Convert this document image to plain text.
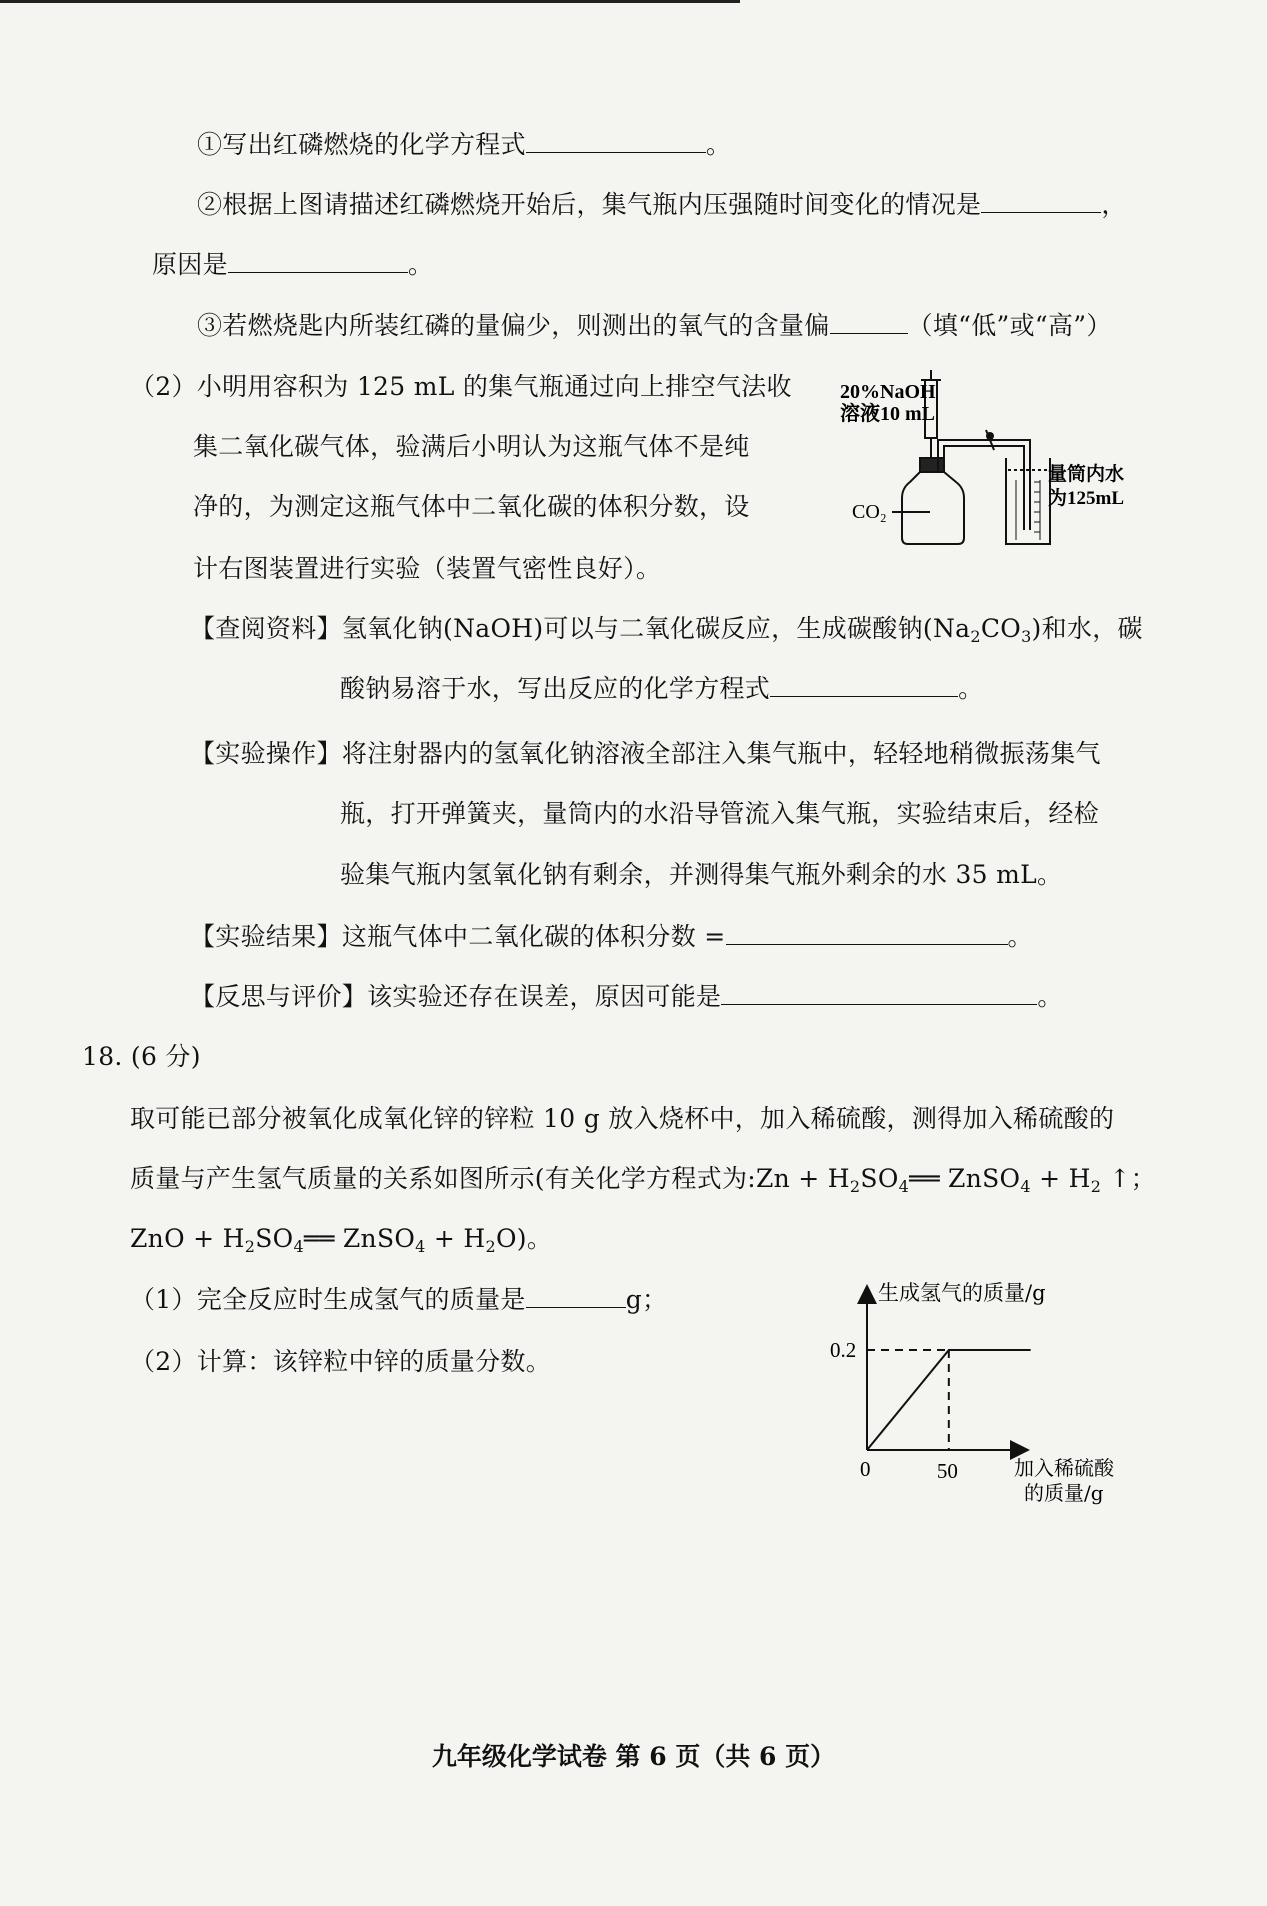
①写出红磷燃烧的化学方程式	。
②根据上图请描述红磷燃烧开始后，集气瓶内压强随时间变化的情况是	，
原因是	。
③若燃烧匙内所装红磷的量偏少，则测出的氧气的含量偏	（填“低”或“高”）
（2）小明用容积为 125 mL 的集气瓶通过向上排空气法收
集二氧化碳气体，验满后小明认为这瓶气体不是纯
净的，为测定这瓶气体中二氧化碳的体积分数，设
计右图装置进行实验（装置气密性良好）。
20%NaOH
溶液10 mL
量筒内水
为125mL
CO₂
【查阅资料】氢氧化钠(NaOH)可以与二氧化碳反应，生成碳酸钠$(Na_2CO_3)$和水，碳
酸钠易溶于水，写出反应的化学方程式	。
【实验操作】将注射器内的氢氧化钠溶液全部注入集气瓶中，轻轻地稍微振荡集气
瓶，打开弹簧夹，量筒内的水沿导管流入集气瓶，实验结束后，经检
验集气瓶内氢氧化钠有剩余，并测得集气瓶外剩余的水 35 mL。
【实验结果】这瓶气体中二氧化碳的体积分数 =	。
【反思与评价】该实验还存在误差，原因可能是	。
18. (6 分)
取可能已部分被氧化成氧化锌的锌粒 10 g 放入烧杯中，加入稀硫酸，测得加入稀硫酸的
质量与产生氢气质量的关系如图所示(有关化学方程式为:Zn + $H_2SO_4══$ ZnSO$_4$ + $H_2$ ↑；
ZnO + $H_2SO_4══$ ZnSO$_4$ + $H_2O$)。
（1）完全反应时生成氢气的质量是	g；
（2）计算：该锌粒中锌的质量分数。
生成氢气的质量/g
0.2
0	50	加入稀硫酸
的质量/g
九年级化学试卷 第 6 页（共 6 页）
